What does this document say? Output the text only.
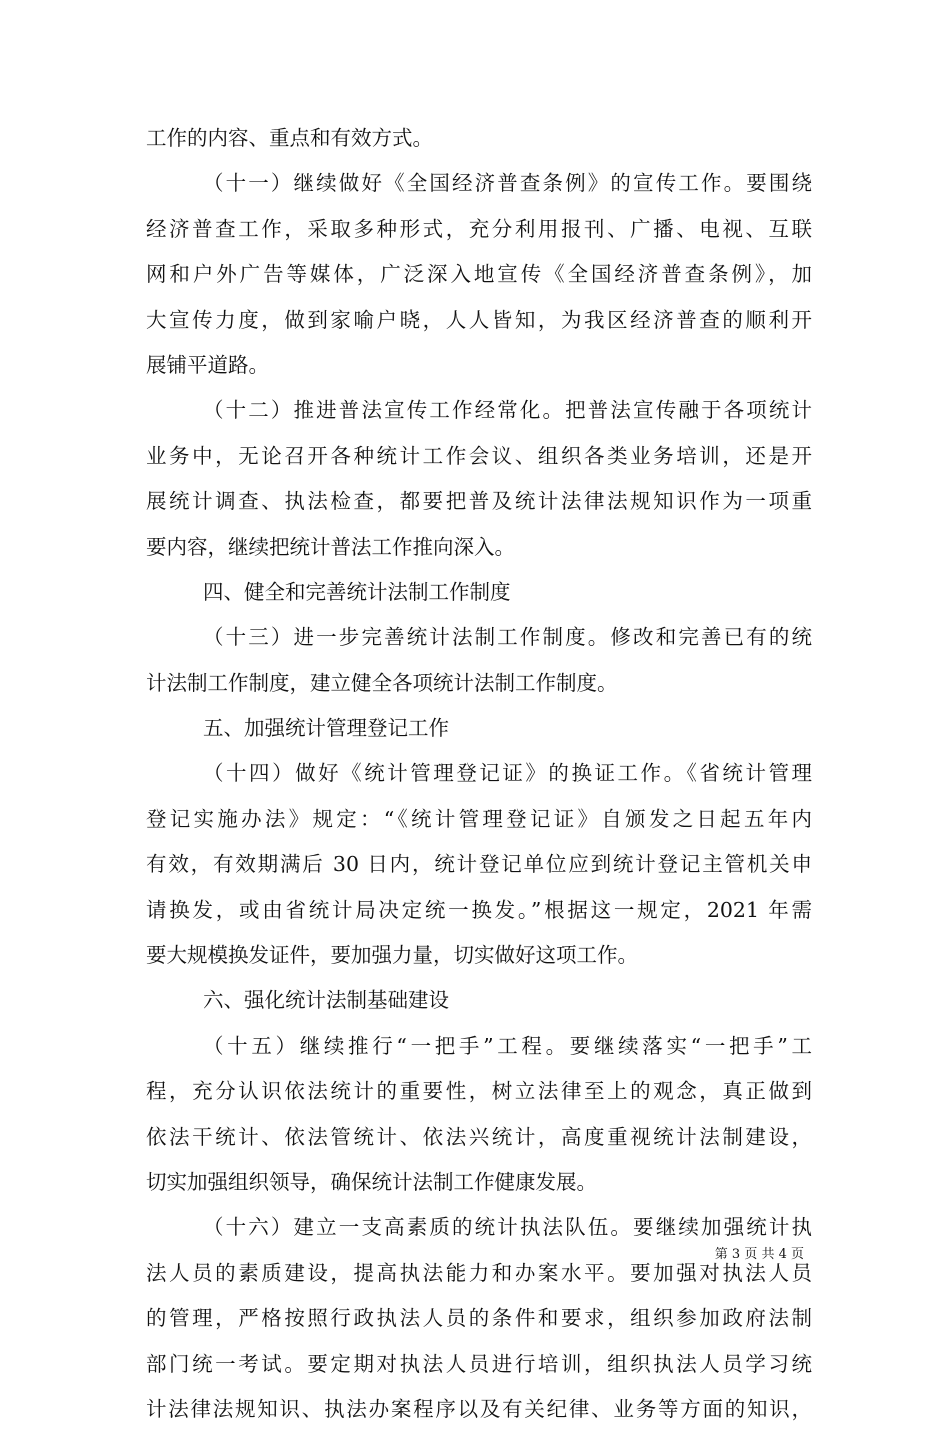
工作的内容、重点和有效方式。
（十一）继续做好《全国经济普查条例》的宣传工作。要围绕
经济普查工作，采取多种形式，充分利用报刊、广播、电视、互联
网和户外广告等媒体，广泛深入地宣传《全国经济普查条例》，加
大宣传力度，做到家喻户晓，人人皆知，为我区经济普查的顺利开
展铺平道路。
（十二）推进普法宣传工作经常化。把普法宣传融于各项统计
业务中，无论召开各种统计工作会议、组织各类业务培训，还是开
展统计调查、执法检查，都要把普及统计法律法规知识作为一项重
要内容，继续把统计普法工作推向深入。
四、健全和完善统计法制工作制度
（十三）进一步完善统计法制工作制度。修改和完善已有的统
计法制工作制度，建立健全各项统计法制工作制度。
五、加强统计管理登记工作
（十四）做好《统计管理登记证》的换证工作。《省统计管理
登记实施办法》规定：“《统计管理登记证》自颁发之日起五年内
有效，有效期满后 30 日内，统计登记单位应到统计登记主管机关申
请换发，或由省统计局决定统一换发。”根据这一规定，2021 年需
要大规模换发证件，要加强力量，切实做好这项工作。
六、强化统计法制基础建设
（十五）继续推行“一把手”工程。要继续落实“一把手”工
程，充分认识依法统计的重要性，树立法律至上的观念，真正做到
依法干统计、依法管统计、依法兴统计，高度重视统计法制建设，
切实加强组织领导，确保统计法制工作健康发展。
（十六）建立一支高素质的统计执法队伍。要继续加强统计执
法人员的素质建设，提高执法能力和办案水平。要加强对执法人员
的管理，严格按照行政执法人员的条件和要求，组织参加政府法制
部门统一考试。要定期对执法人员进行培训，组织执法人员学习统
计法律法规知识、执法办案程序以及有关纪律、业务等方面的知识，
第 3 页 共 4 页
